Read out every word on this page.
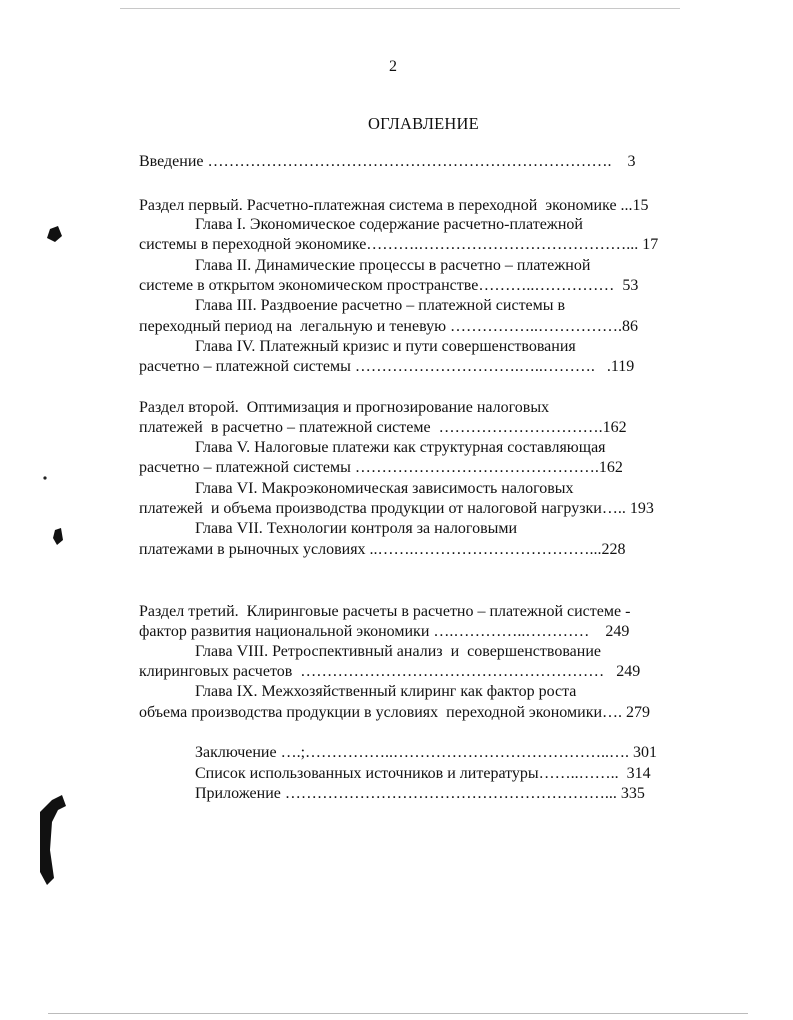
2
ОГЛАВЛЕНИЕ
Введение ………………………………………………………………….    3
Раздел первый. Расчетно-платежная система в переходной  экономике ...15
Глава I. Экономическое содержание расчетно-платежной
системы в переходной экономике……….…………………………………... 17
Глава II. Динамические процессы в расчетно – платежной
системе в открытом экономическом пространстве………..……………  53
Глава III. Раздвоение расчетно – платежной системы в
переходный период на  легальную и теневую ……………..…………….86
Глава IV. Платежный кризис и пути совершенствования
расчетно – платежной системы ………………………….…..……….   .119
Раздел второй.  Оптимизация и прогнозирование налоговых
платежей  в расчетно – платежной системе  ………………………….162
Глава V. Налоговые платежи как структурная составляющая
расчетно – платежной системы ……………………………………….162
Глава VI. Макроэкономическая зависимость налоговых
платежей  и объема производства продукции от налоговой нагрузки….. 193
Глава VII. Технологии контроля за налоговыми
платежами в рыночных условиях ..…….……………………………...228
Раздел третий.  Клиринговые расчеты в расчетно – платежной системе -
фактор развития национальной экономики ….…………..…………    249
Глава VIII. Ретроспективный анализ  и  совершенствование
клиринговых расчетов  …………………………………………………   249
Глава IX. Межхозяйственный клиринг как фактор роста
объема производства продукции в условиях  переходной экономики…. 279
Заключение ….;……………..…………………………………..…. 301
Список использованных источников и литературы……..……..  314
Приложение ……………………………………………………... 335
